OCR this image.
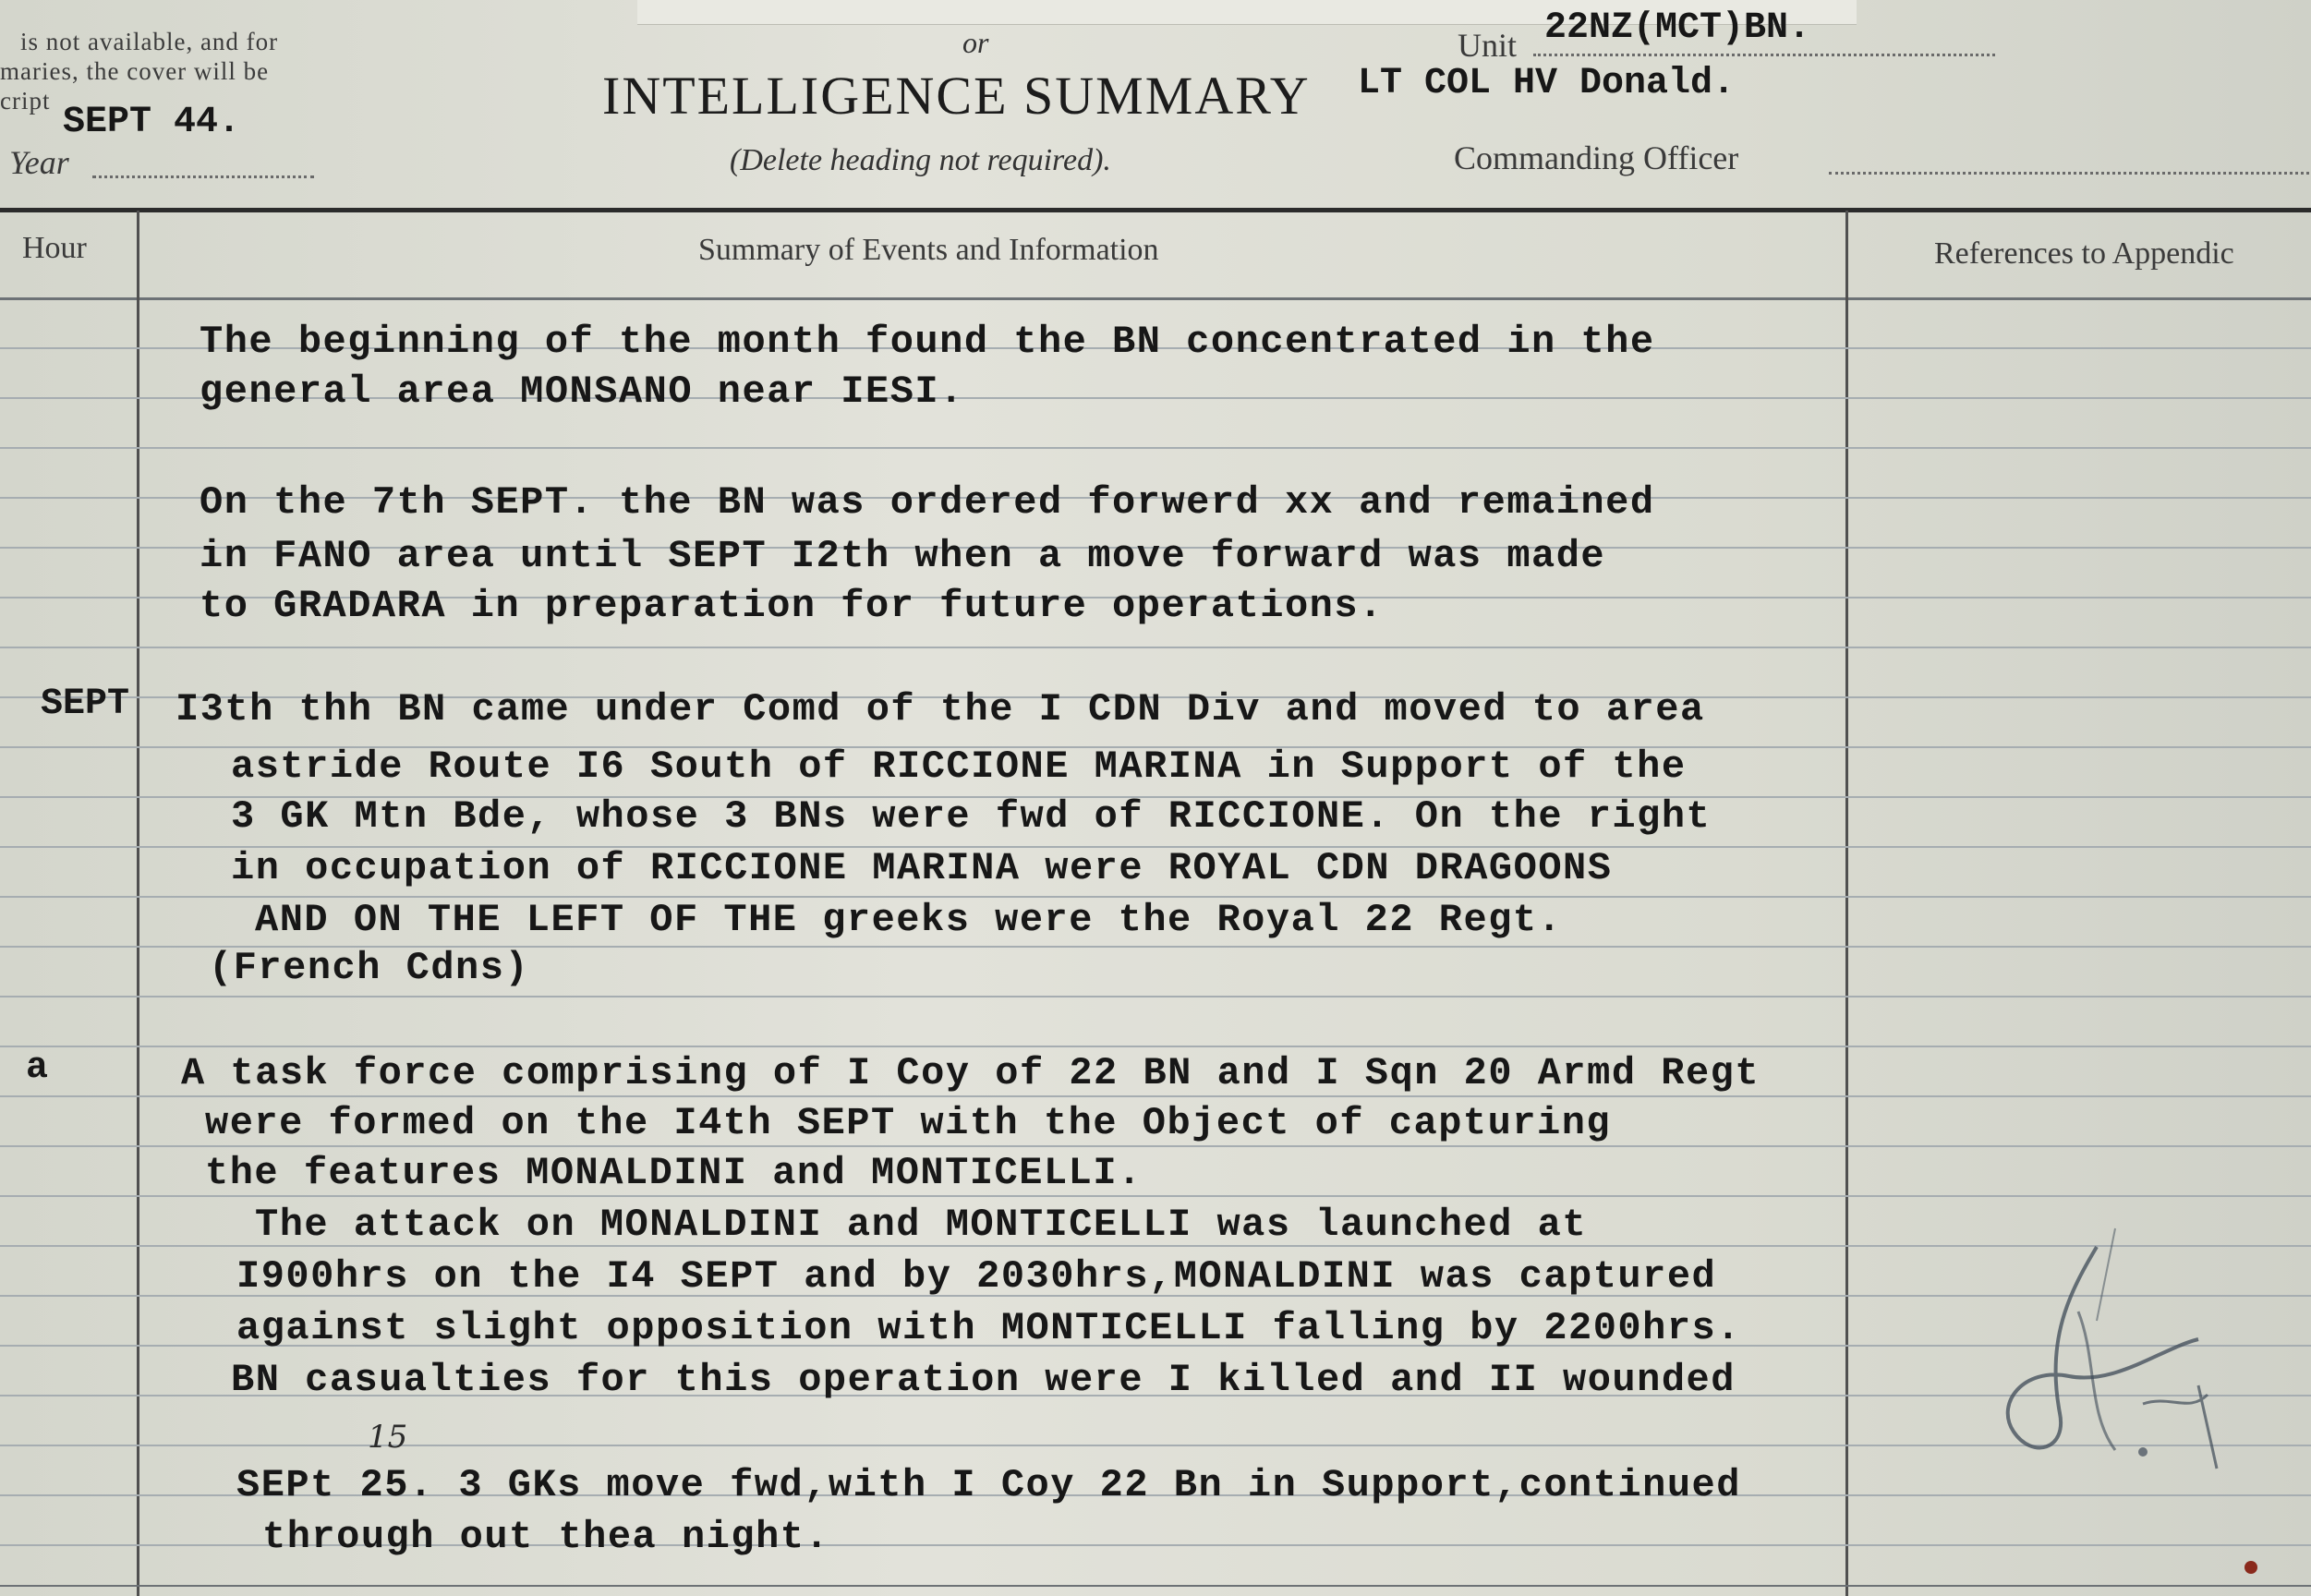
is not available, and for
maries, the cover will be
cript
SEPT 44.
Year
or
INTELLIGENCE SUMMARY
(Delete heading not required).
Unit 22NZ(MCT)BN.
LT COL HV Donald.
Commanding Officer
Hour	Summary of Events and Information	References to Appendic
The beginning of the month found the BN concentrated in the
general area MONSANO near IESI.
On the 7th SEPT. the BN was ordered forwerd xx and remained
in FANO area until SEPT I2th when a move forward was made
to GRADARA in preparation for future operations.
SEPT I3th thh BN came under Comd of the I CDN Div and moved to area
astride Route I6 South of RICCIONE MARINA in Support of the
3 GK Mtn Bde, whose 3 BNs were fwd of RICCIONE. On the right
in occupation of RICCIONE MARINA were ROYAL CDN DRAGOONS
AND ON THE LEFT OF THE greeks were the Royal 22 Regt.
(French Cdns)
a	A task force comprising of I Coy of 22 BN and I Sqn 20 Armd Regt
were formed on the I4th SEPT with the Object of capturing
the features MONALDINI and MONTICELLI.
The attack on MONALDINI and MONTICELLI was launched at
I900hrs on the I4 SEPT and by 2030hrs,MONALDINI was captured
against slight opposition with MONTICELLI falling by 2200hrs.
BN casualties for this operation were I killed and II wounded
15
SEPt 25. 3 GKs move fwd,with I Coy 22 Bn in Support,continued
through out thea night.
